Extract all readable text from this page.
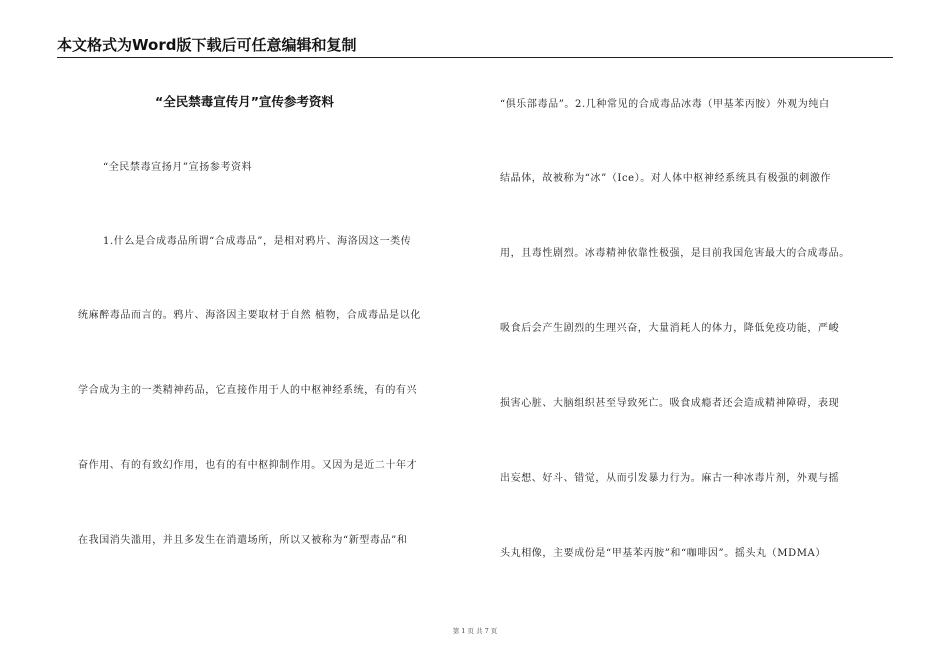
本文格式为Word版下载后可任意编辑和复制
“全民禁毒宣传月”宣传参考资料
“全民禁毒宣扬月”宣扬参考资料
1.什么是合成毒品所谓“合成毒品”，是相对鸦片、海洛因这一类传
统麻醉毒品而言的。鸦片、海洛因主要取材于自然 植物，合成毒品是以化
学合成为主的一类精神药品，它直接作用于人的中枢神经系统，有的有兴
奋作用、有的有致幻作用，也有的有中枢抑制作用。又因为是近二十年才
在我国消失滥用，并且多发生在消遣场所，所以又被称为“新型毒品”和
“俱乐部毒品”。2.几种常见的合成毒品冰毒（甲基苯丙胺）外观为纯白
结晶体，故被称为“冰”（Ice）。对人体中枢神经系统具有极强的刺激作
用，且毒性剧烈。冰毒精神依靠性极强，是目前我国危害最大的合成毒品。
吸食后会产生剧烈的生理兴奋，大量消耗人的体力，降低免疫功能，严峻
损害心脏、大脑组织甚至导致死亡。吸食成瘾者还会造成精神障碍，表现
出妄想、好斗、错觉，从而引发暴力行为。麻古一种冰毒片剂，外观与摇
头丸相像，主要成份是“甲基苯丙胺”和“咖啡因”。摇头丸（MDMA）
第 1 页 共 7 页
